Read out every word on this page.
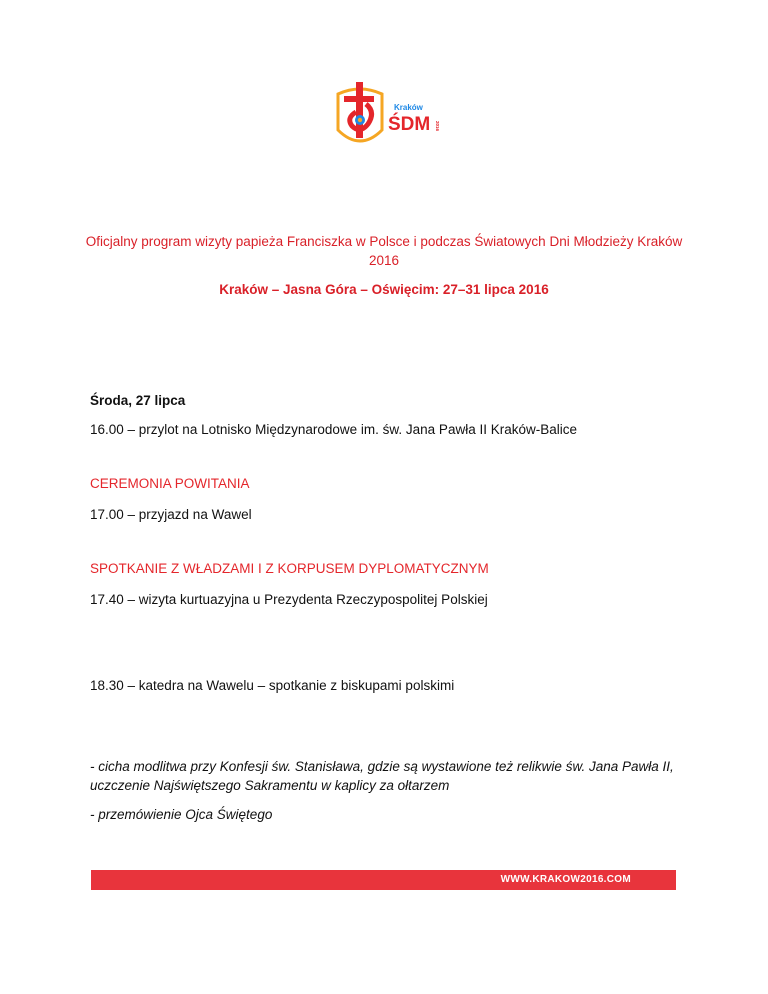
Kraków
ŚDM 2016
Oficjalny program wizyty papieża Franciszka w Polsce i podczas Światowych Dni Młodzieży Kraków 2016
Kraków – Jasna Góra – Oświęcim: 27–31 lipca 2016
Środa, 27 lipca
16.00 – przylot na Lotnisko Międzynarodowe im. św. Jana Pawła II Kraków-Balice
CEREMONIA POWITANIA
17.00 – przyjazd na Wawel
SPOTKANIE Z WŁADZAMI I Z KORPUSEM DYPLOMATYCZNYM
17.40 – wizyta kurtuazyjna u Prezydenta Rzeczypospolitej Polskiej
18.30 – katedra na Wawelu – spotkanie z biskupami polskimi
- cicha modlitwa przy Konfesji św. Stanisława, gdzie są wystawione też relikwie św. Jana Pawła II, uczczenie Najświętszego Sakramentu w kaplicy za ołtarzem
- przemówienie Ojca Świętego
WWW.KRAKOW2016.COM
